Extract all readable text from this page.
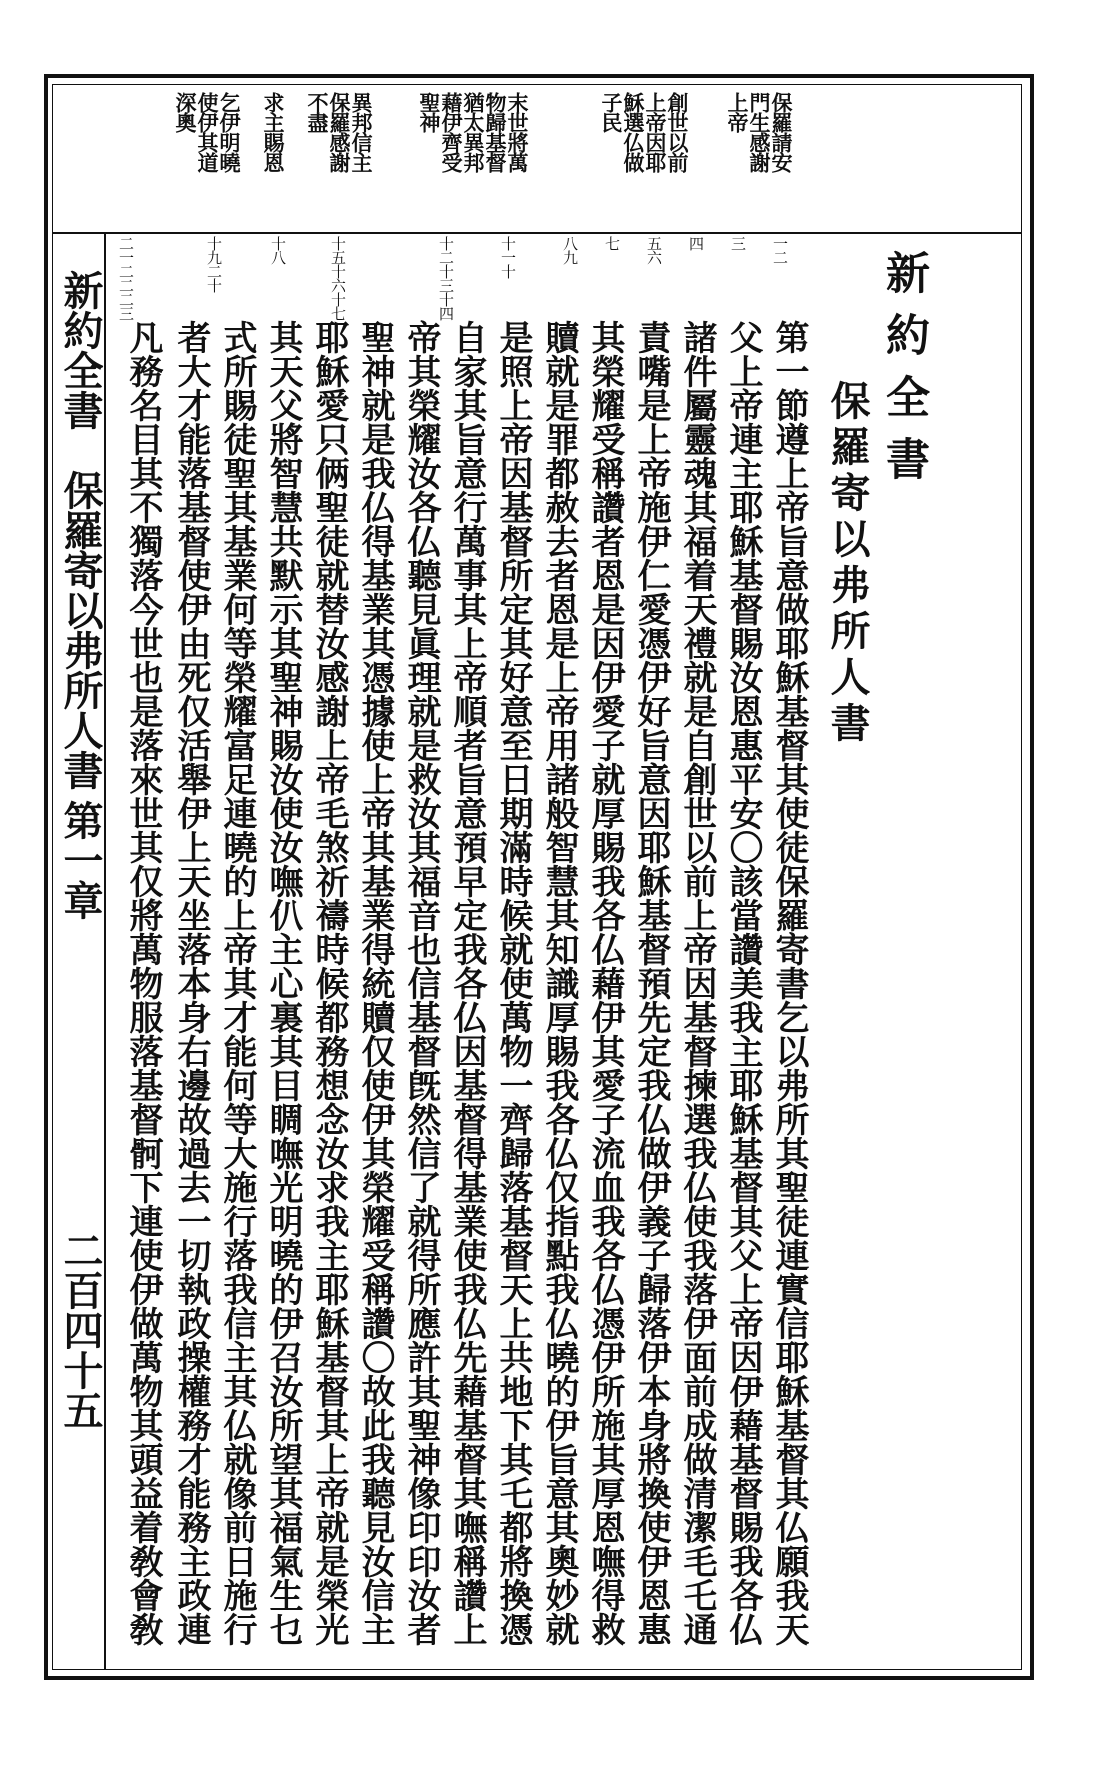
新約全書
保羅寄以弗所人書
第一章
二百四十五
保羅請安
門生感謝
上帝
創世以前
上帝因耶
穌選仏做
子民
末世將萬
物歸基督
猶太異邦
藉伊齊受
聖神
異邦信主
保羅感謝
不盡
求主賜恩
乞伊明曉
使伊其道
深奧
一二
三
四
五六
七
八九
十一十
十二十三十四
十五十六十七
十八
十九二十
二一二二二三	新約全書
保羅寄以弗所人書
第一節遵上帝旨意做耶穌基督其使徒保羅寄書乞以弗所其聖徒連實信耶穌基督其仏願我天
父上帝連主耶穌基督賜汝恩惠平安〇該當讚美我主耶穌基督其父上帝因伊藉基督賜我各仏
諸件屬靈魂其福着天禮就是自創世以前上帝因基督揀選我仏使我落伊面前成做清潔毛乇通
責嘴是上帝施伊仁愛憑伊好旨意因耶穌基督預先定我仏做伊義子歸落伊本身將換使伊恩惠
其榮耀受稱讚者恩是因伊愛子就厚賜我各仏藉伊其愛子流血我各仏憑伊所施其厚恩嘸得救
贖就是罪都赦去者恩是上帝用諸般智慧其知識厚賜我各仏仅指點我仏曉的伊旨意其奧妙就
是照上帝因基督所定其好意至日期滿時候就使萬物一齊歸落基督天上共地下其乇都將換憑
自家其旨意行萬事其上帝順者旨意預早定我各仏因基督得基業使我仏先藉基督其嘸稱讚上
帝其榮耀汝各仏聽見眞理就是救汝其福音也信基督旣然信了就得所應許其聖神像印印汝者
聖神就是我仏得基業其憑據使上帝其基業得統贖仅使伊其榮耀受稱讚〇故此我聽見汝信主
耶穌愛只俩聖徒就替汝感謝上帝毛煞祈禱時候都務想念汝求我主耶穌基督其上帝就是榮光
其天父將智慧共默示其聖神賜汝使汝嘸仈主心裏其目睭嘸光明曉的伊召汝所望其福氣生乜
式所賜徒聖其基業何等榮耀富足連曉的上帝其才能何等大施行落我信主其仏就像前日施行
者大才能落基督使伊由死仅活舉伊上天坐落本身右邊故過去一切執政操權務才能務主政連
凡務名目其不獨落今世也是落來世其仅將萬物服落基督䯊下連使伊做萬物其頭益着敎會敎
